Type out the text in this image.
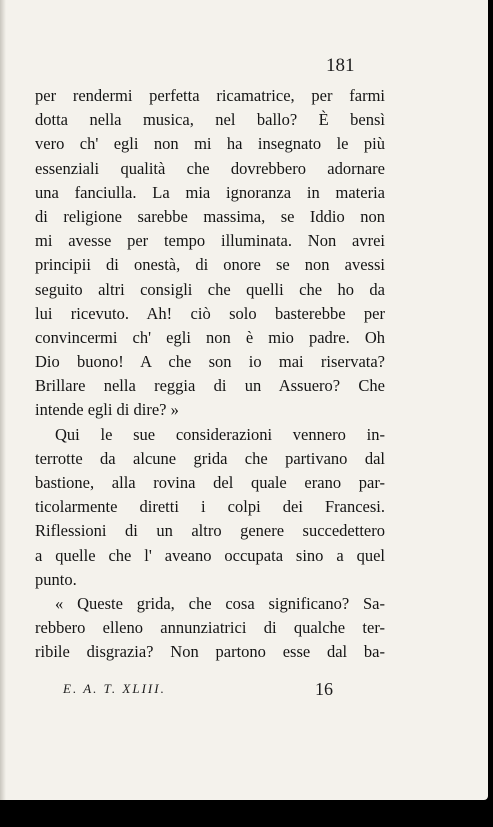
181
per rendermi perfetta ricamatrice, per farmi
dotta nella musica, nel ballo? È bensì
vero ch' egli non mi ha insegnato le più
essenziali qualità che dovrebbero adornare
una fanciulla. La mia ignoranza in materia
di religione sarebbe massima, se Iddio non
mi avesse per tempo illuminata. Non avrei
principii di onestà, di onore se non avessi
seguito altri consigli che quelli che ho da
lui ricevuto. Ah! ciò solo basterebbe per
convincermi ch' egli non è mio padre. Oh
Dio buono! A che son io mai riservata?
Brillare nella reggia di un Assuero? Che
intende egli di dire? »
Qui le sue considerazioni vennero in-
terrotte da alcune grida che partivano dal
bastione, alla rovina del quale erano par-
ticolarmente diretti i colpi dei Francesi.
Riflessioni di un altro genere succedettero
a quelle che l' aveano occupata sino a quel
punto.
« Queste grida, che cosa significano? Sa-
rebbero elleno annunziatrici di qualche ter-
ribile disgrazia? Non partono esse dal ba-
E. A. T. XLIII.	16
